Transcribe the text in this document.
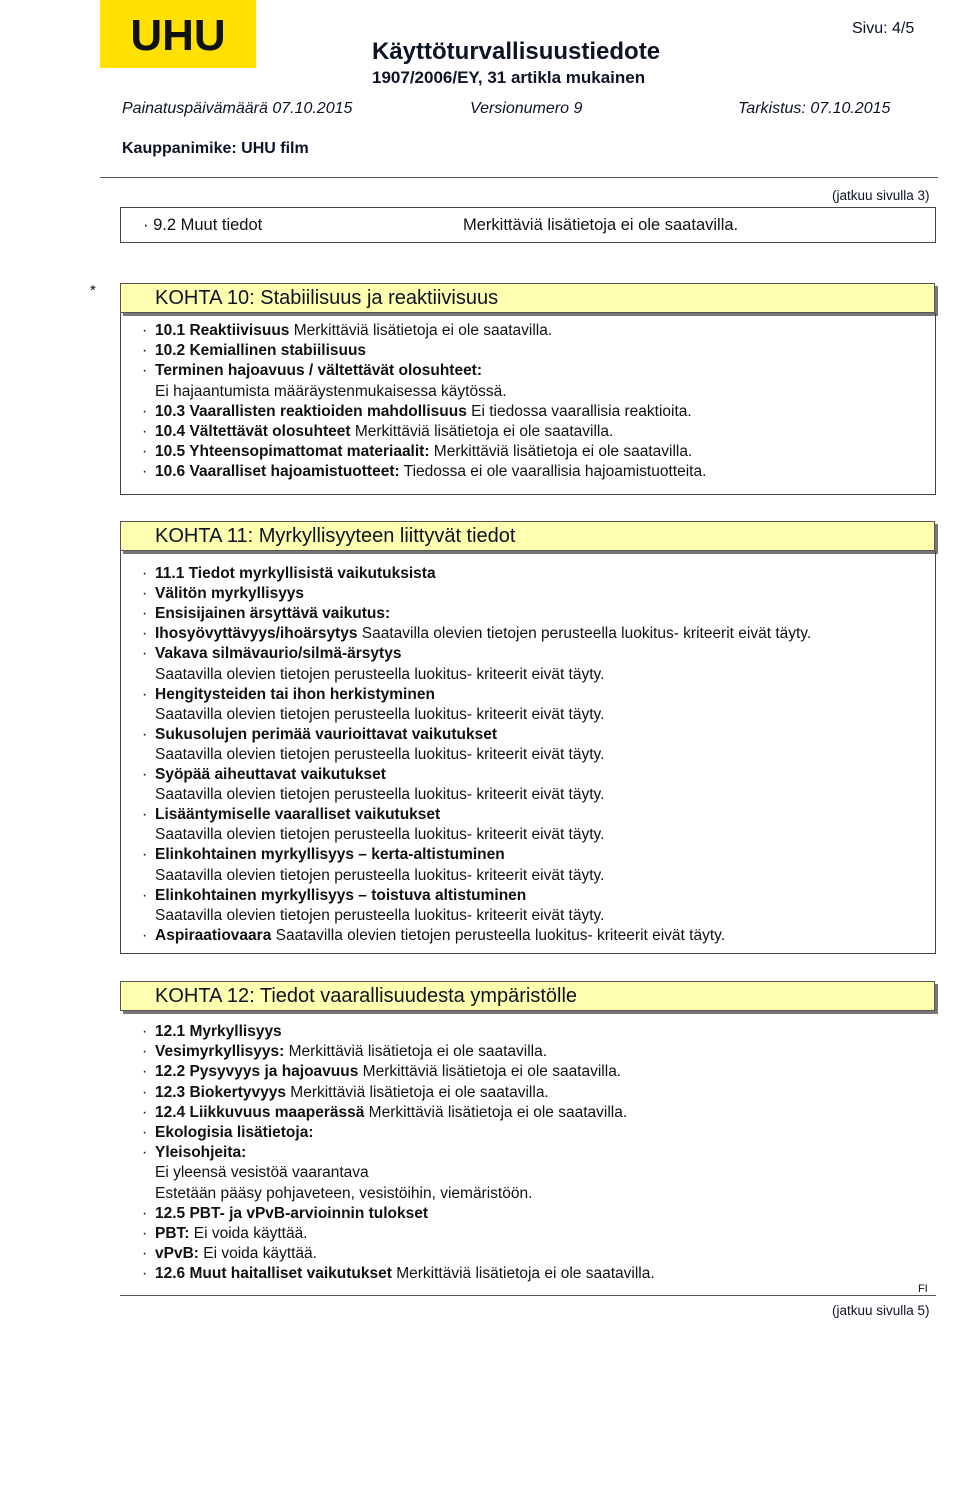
UHU	Käyttöturvallisuustiedote
1907/2006/EY, 31 artikla mukainen
Sivu: 4/5
Painatuspäivämäärä 07.10.2015	Versionumero 9	Tarkistus: 07.10.2015
Kauppanimike: UHU film
(jatkuu sivulla 3)
· 9.2 Muut tiedot	Merkittäviä lisätietoja ei ole saatavilla.
*	KOHTA 10: Stabiilisuus ja reaktiivisuus
· 10.1 Reaktiivisuus Merkittäviä lisätietoja ei ole saatavilla.
· 10.2 Kemiallinen stabiilisuus
· Terminen hajoavuus / vältettävät olosuhteet:
Ei hajaantumista määräystenmukaisessa käytössä.
· 10.3 Vaarallisten reaktioiden mahdollisuus Ei tiedossa vaarallisia reaktioita.
· 10.4 Vältettävät olosuhteet Merkittäviä lisätietoja ei ole saatavilla.
· 10.5 Yhteensopimattomat materiaalit: Merkittäviä lisätietoja ei ole saatavilla.
· 10.6 Vaaralliset hajoamistuotteet: Tiedossa ei ole vaarallisia hajoamistuotteita.
KOHTA 11: Myrkyllisyyteen liittyvät tiedot
· 11.1 Tiedot myrkyllisistä vaikutuksista
· Välitön myrkyllisyys
· Ensisijainen ärsyttävä vaikutus:
· Ihosyövyttävyys/ihoärsytys Saatavilla olevien tietojen perusteella luokitus- kriteerit eivät täyty.
· Vakava silmävaurio/silmä-ärsytys
Saatavilla olevien tietojen perusteella luokitus- kriteerit eivät täyty.
· Hengitysteiden tai ihon herkistyminen
Saatavilla olevien tietojen perusteella luokitus- kriteerit eivät täyty.
· Sukusolujen perimää vaurioittavat vaikutukset
Saatavilla olevien tietojen perusteella luokitus- kriteerit eivät täyty.
· Syöpää aiheuttavat vaikutukset
Saatavilla olevien tietojen perusteella luokitus- kriteerit eivät täyty.
· Lisääntymiselle vaaralliset vaikutukset
Saatavilla olevien tietojen perusteella luokitus- kriteerit eivät täyty.
· Elinkohtainen myrkyllisyys – kerta-altistuminen
Saatavilla olevien tietojen perusteella luokitus- kriteerit eivät täyty.
· Elinkohtainen myrkyllisyys – toistuva altistuminen
Saatavilla olevien tietojen perusteella luokitus- kriteerit eivät täyty.
· Aspiraatiovaara Saatavilla olevien tietojen perusteella luokitus- kriteerit eivät täyty.
KOHTA 12: Tiedot vaarallisuudesta ympäristölle
· 12.1 Myrkyllisyys
· Vesimyrkyllisyys: Merkittäviä lisätietoja ei ole saatavilla.
· 12.2 Pysyvyys ja hajoavuus Merkittäviä lisätietoja ei ole saatavilla.
· 12.3 Biokertyvyys Merkittäviä lisätietoja ei ole saatavilla.
· 12.4 Liikkuvuus maaperässä Merkittäviä lisätietoja ei ole saatavilla.
· Ekologisia lisätietoja:
· Yleisohjeita:
Ei yleensä vesistöä vaarantava
Estetään pääsy pohjaveteen, vesistöihin, viemäristöön.
· 12.5 PBT- ja vPvB-arvioinnin tulokset
· PBT: Ei voida käyttää.
· vPvB: Ei voida käyttää.
· 12.6 Muut haitalliset vaikutukset Merkittäviä lisätietoja ei ole saatavilla.
FI
(jatkuu sivulla 5)
